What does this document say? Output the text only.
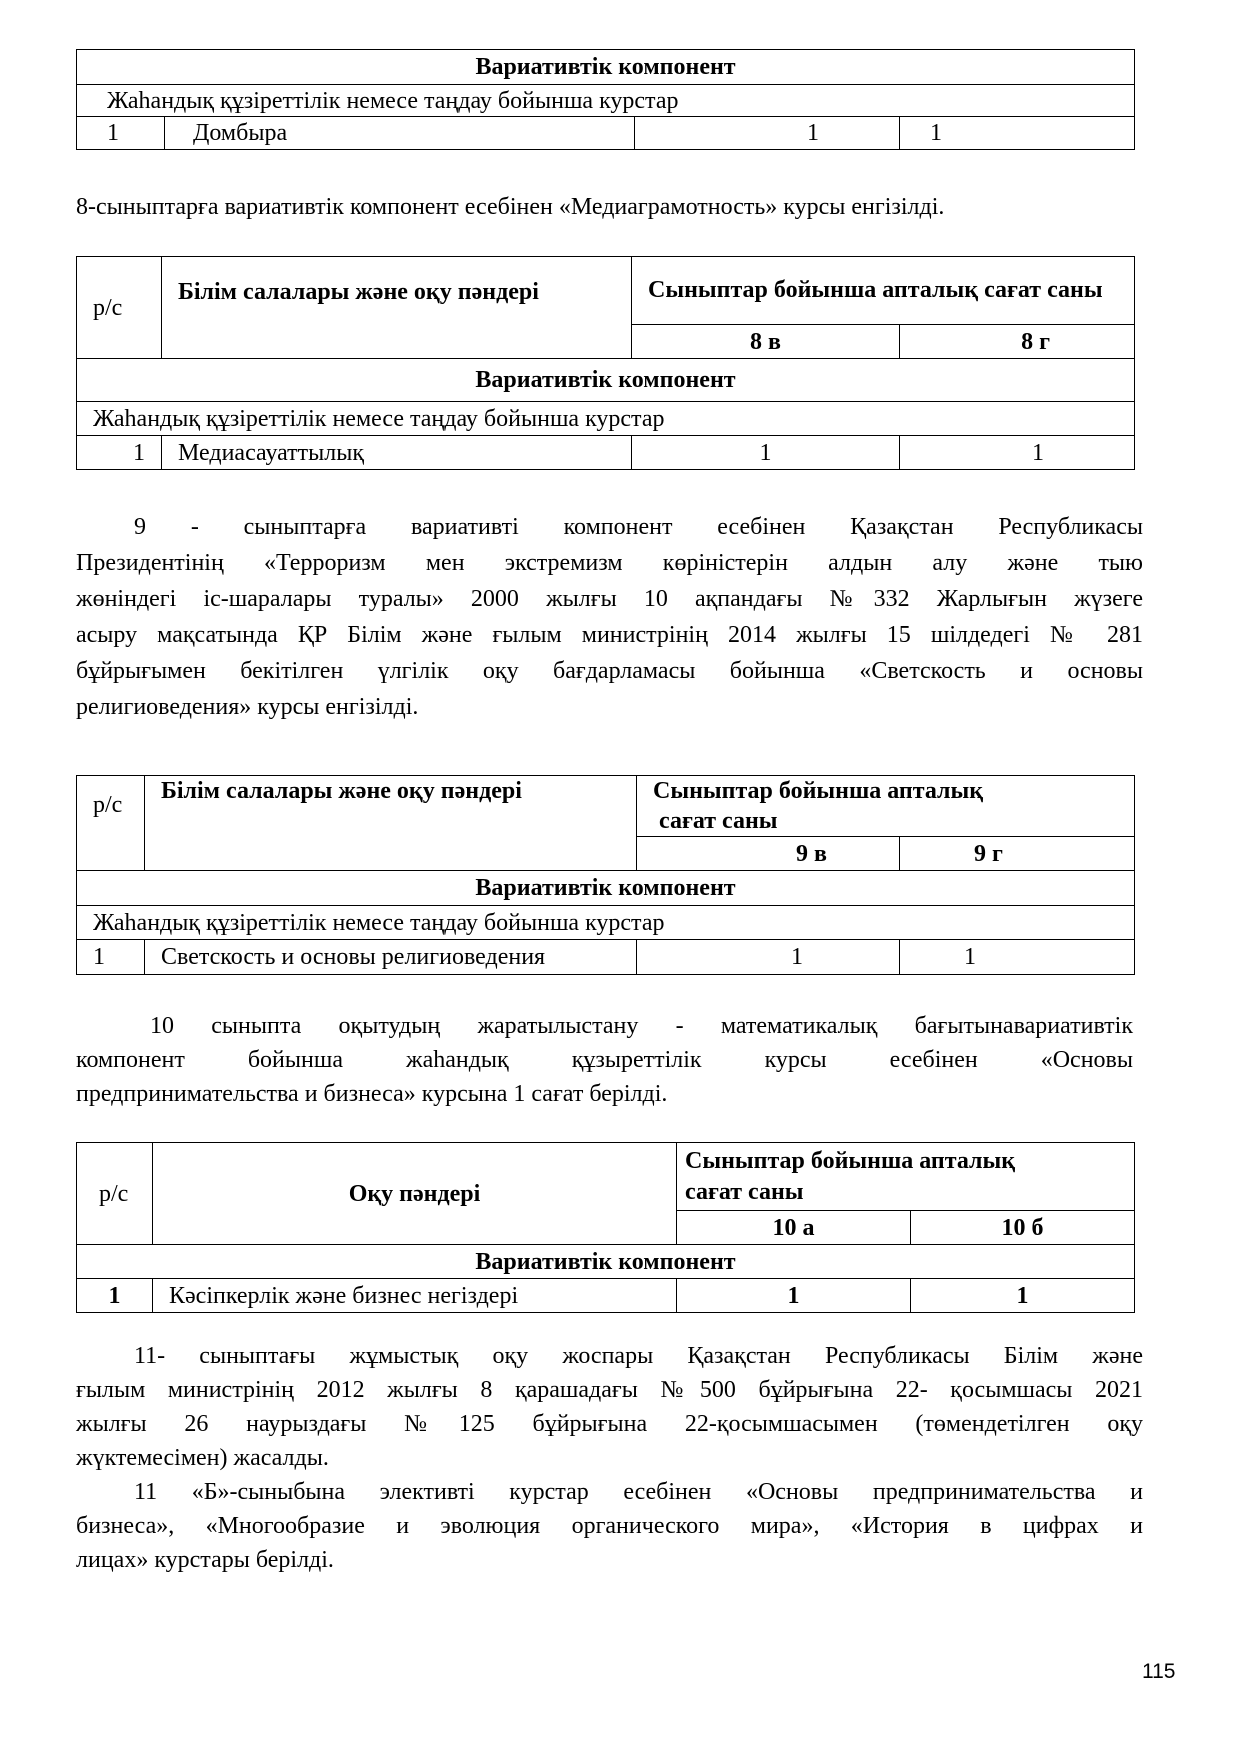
Вариативтік компонент
Жаһандық құзіреттілік немесе таңдау бойынша курстар
1	Домбыра	1	1

8-сыныптарға вариативтік компонент есебінен «Медиаграмотность» курсы енгізілді.

р/с	Білім салалары және оқу пәндері	Сыныптар бойынша апталық сағат саны	
		8 в	8 г
Вариативтік компонент			
Жаһандық құзіреттілік немесе таңдау бойынша курстар			
1	Медиасауаттылық	1	1

9 - сыныптарға вариативті компонент есебінен Қазақстан Республикасы

Президентінің «Терроризм мен экстремизм көріністерін алдын алу және тыю

жөніндегі іс-шаралары туралы» 2000 жылғы 10 ақпандағы №332 Жарлығын жүзеге

асыру мақсатында ҚР Білім және ғылым министрінің 2014 жылғы 15 шілдедегі № 281

бұйрығымен бекітілген үлгілік оқу бағдарламасы бойынша «Светскость и основы

религиоведения» курсы енгізілді.

р/с	Білім салалары және оқу пәндері	Сыныптар бойынша апталық
сағат саны	

		9 в	9 г
Вариативтік компонент			
Жаһандық құзіреттілік немесе таңдау бойынша курстар			
1	Светскость и основы религиоведения	1	1

10 сыныпта оқытудың жаратылыстану - математикалық бағытынавариативтік

компонент бойынша жаһандық құзыреттілік курсы есебінен «Основы

предпринимательства и бизнеса» курсына 1 сағат берілді.

р/с	Оқу пәндері	Сыныптар бойынша апталық
сағат саны	

		10 а	10 б
Вариативтік компонент			
1	Кәсіпкерлік және бизнес негіздері	1	1

11- сыныптағы жұмыстық оқу жоспары Қазақстан Республикасы Білім және

ғылым министрінің 2012 жылғы 8 қарашадағы №500 бұйрығына 22- қосымшасы 2021

жылғы 26 наурыздағы №125 бұйрығына 22-қосымшасымен (төмендетілген оқу

жүктемесімен) жасалды.

11 «Б»-сыныбына элективті курстар есебінен «Основы предпринимательства и

бизнеса», «Многообразие и эволюция органического мира», «История в цифрах и

лицах» курстары берілді.

115
